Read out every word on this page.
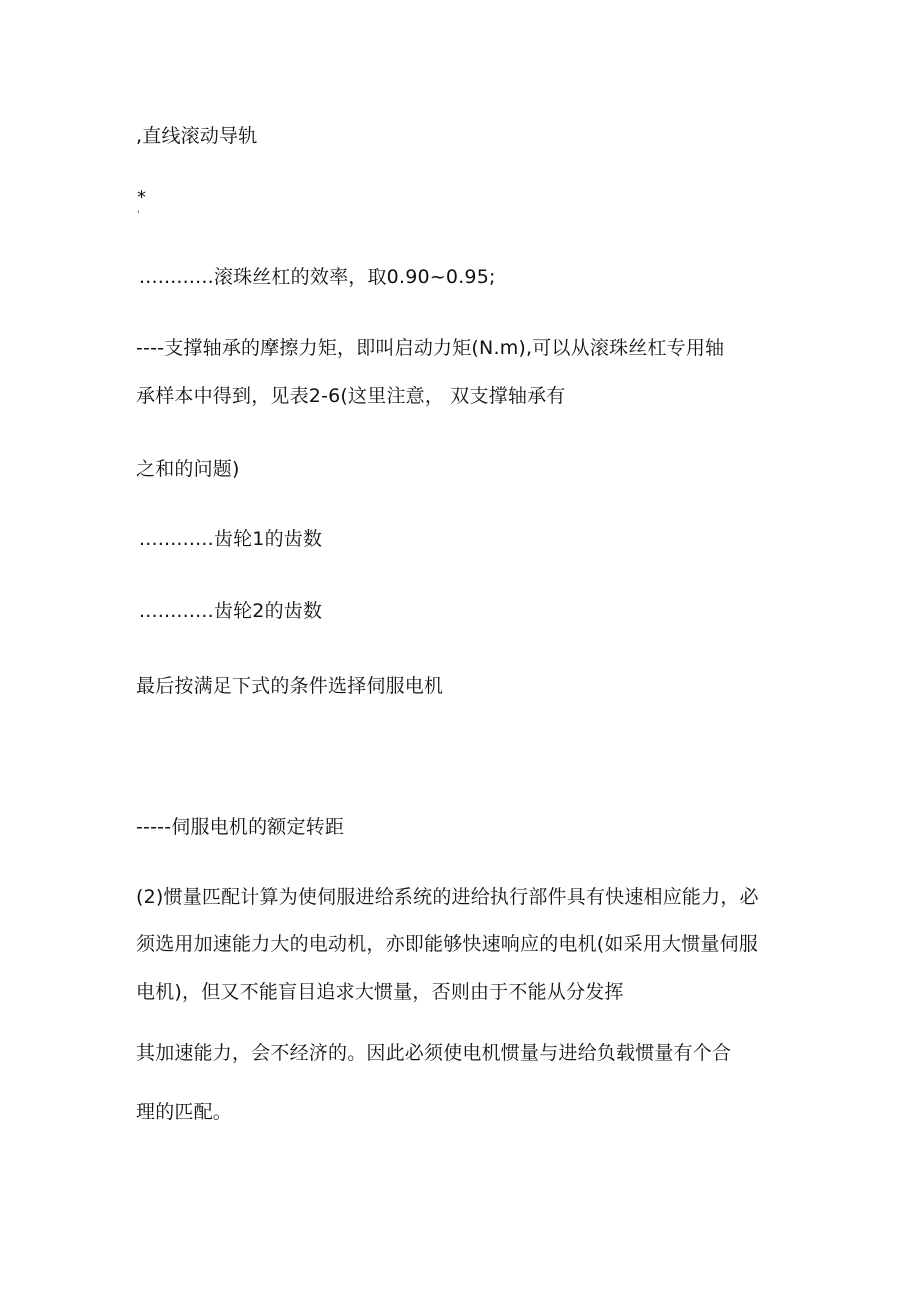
,直线滚动导轨
*
'
............滚珠丝杠的效率，取0.90~0.95;
----支撑轴承的摩擦力矩，即叫启动力矩(N.m),可以从滚珠丝杠专用轴
承样本中得到，见表2-6(这里注意， 双支撑轴承有
之和的问题)
............齿轮1的齿数
............齿轮2的齿数
最后按满足下式的条件选择伺服电机
-----伺服电机的额定转距
(2)惯量匹配计算为使伺服进给系统的进给执行部件具有快速相应能力，必
须选用加速能力大的电动机，亦即能够快速响应的电机(如采用大惯量伺服
电机)，但又不能盲目追求大惯量，否则由于不能从分发挥
其加速能力，会不经济的。因此必须使电机惯量与进给负载惯量有个合
理的匹配。
